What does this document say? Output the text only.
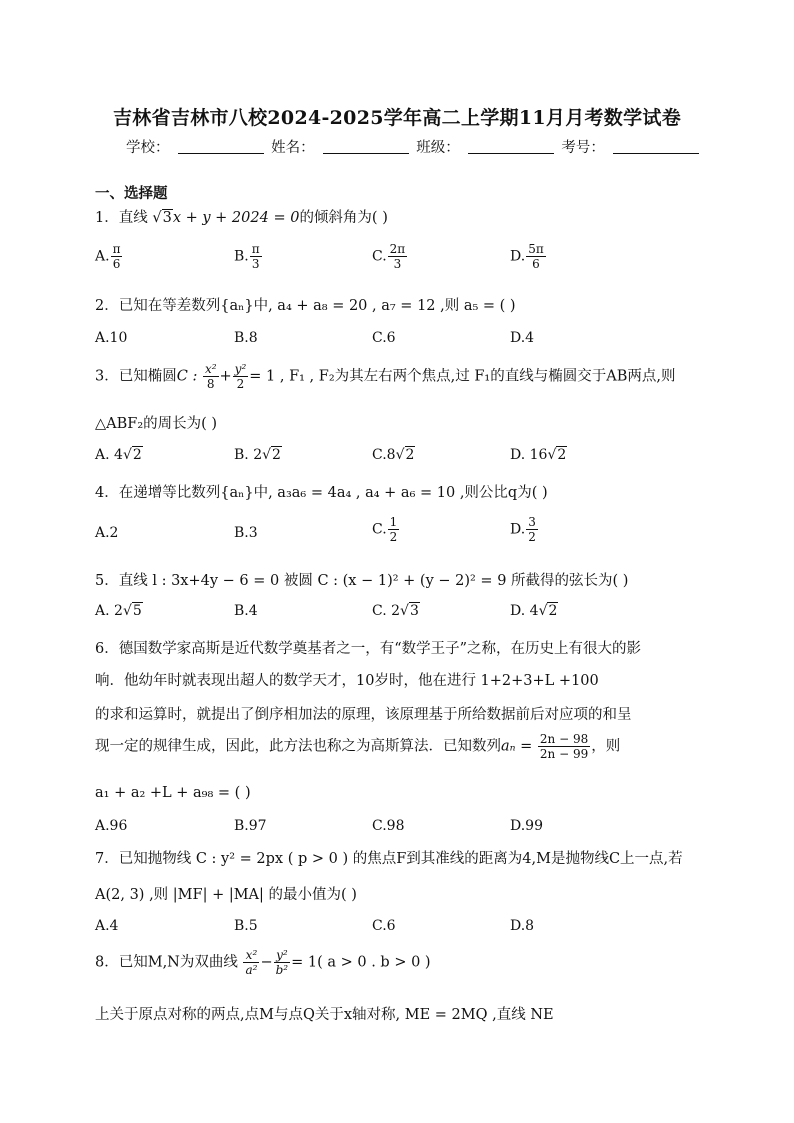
吉林省吉林市八校2024-2025学年高二上学期11月月考数学试卷
学校：	姓名：	班级：	考号：
一、选择题
1．直线 √3x + y + 2024 = 0的倾斜角为( )
A. $\frac{\pi}{6}$	B. $\frac{\pi}{3}$	C. $\frac{2\pi}{3}$	D. $\frac{5\pi}{6}$
2．已知在等差数列{aₙ}中, a₄ + a₈ = 20 , a₇ = 12 ,则 a₅ = ( )
A.10	B.8	C.6	D.4
3．已知椭圆C : $\frac{\text{x²}}{8} + \frac{\text{y²}}{2} = 1$ , F₁ , F₂为其左右两个焦点,过 F₁的直线与椭圆交于AB两点,则
△ABF₂的周长为( )
A. 4√2	B. 2√2	C.8√2	D. 16√2
4．在递增等比数列{aₙ}中, a₃a₆ = 4a₄ , a₄ + a₆ = 10 ,则公比q为( )
A.2	B.3	C. $\frac{1}{2}$	D. $\frac{3}{2}$
5．直线 l : 3x+4y − 6 = 0 被圆 C : (x − 1)² + (y − 2)² = 9 所截得的弦长为( )
A. 2√5	B.4	C. 2√3	D. 4√2
6．德国数学家高斯是近代数学奠基者之一，有“数学王子”之称，在历史上有很大的影
响．他幼年时就表现出超人的数学天才，10岁时，他在进行 1+2+3+L +100
的求和运算时，就提出了倒序相加法的原理，该原理基于所给数据前后对应项的和呈
现一定的规律生成，因此，此方法也称之为高斯算法．已知数列$a_n = \frac{2n - 98}{2n - 99}$ ，则
a₁ + a₂ +L + a₉₈ = ( )
A.96	B.97	C.98	D.99
7．已知抛物线 C : y² = 2px ( p > 0 ) 的焦点F到其准线的距离为4,M是抛物线C上一点,若
A(2, 3) ,则 |MF| + |MA| 的最小值为( )
A.4	B.5	C.6	D.8
8．已知M,N为双曲线 $\frac{\text{x²}}{\text{a²}} - \frac{\text{y²}}{\text{b²}} = 1$( a > 0 . b > 0 )
上关于原点对称的两点,点M与点Q关于x轴对称, ME = 2MQ ,直线 NE
